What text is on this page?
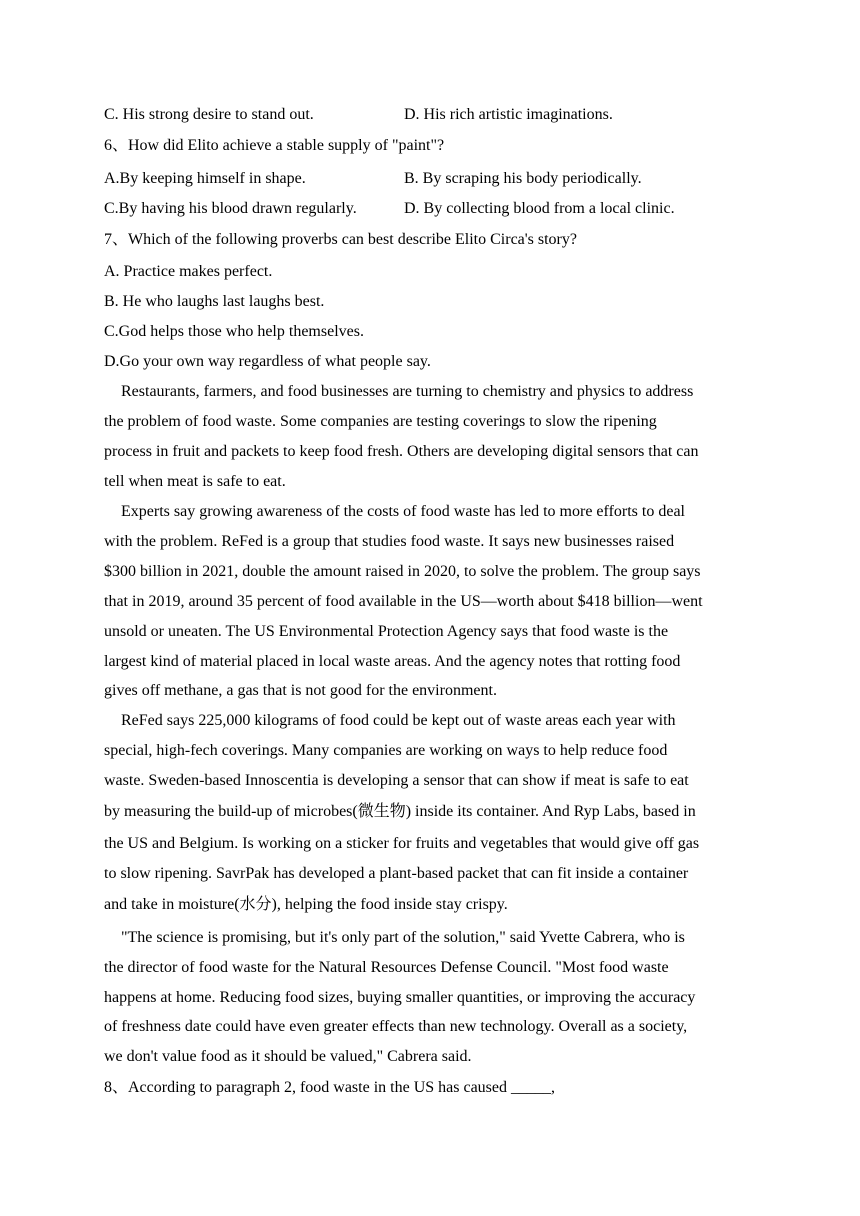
C. His strong desire to stand out.	D. His rich artistic imaginations.
6、How did Elito achieve a stable supply of "paint"?
A.By keeping himself in shape.	B. By scraping his body periodically.
C.By having his blood drawn regularly.	D. By collecting blood from a local clinic.
7、Which of the following proverbs can best describe Elito Circa's story?
A. Practice makes perfect.
B. He who laughs last laughs best.
C.God helps those who help themselves.
D.Go your own way regardless of what people say.
Restaurants, farmers, and food businesses are turning to chemistry and physics to address
the problem of food waste. Some companies are testing coverings to slow the ripening
process in fruit and packets to keep food fresh. Others are developing digital sensors that can
tell when meat is safe to eat.
Experts say growing awareness of the costs of food waste has led to more efforts to deal
with the problem. ReFed is a group that studies food waste. It says new businesses raised
$300 billion in 2021, double the amount raised in 2020, to solve the problem. The group says
that in 2019, around 35 percent of food available in the US—worth about $418 billion—went
unsold or uneaten. The US Environmental Protection Agency says that food waste is the
largest kind of material placed in local waste areas. And the agency notes that rotting food
gives off methane, a gas that is not good for the environment.
ReFed says 225,000 kilograms of food could be kept out of waste areas each year with
special, high-fech coverings. Many companies are working on ways to help reduce food
waste. Sweden-based Innoscentia is developing a sensor that can show if meat is safe to eat
by measuring the build-up of microbes(微生物) inside its container. And Ryp Labs, based in
the US and Belgium. Is working on a sticker for fruits and vegetables that would give off gas
to slow ripening. SavrPak has developed a plant-based packet that can fit inside a container
and take in moisture(水分), helping the food inside stay crispy.
"The science is promising, but it's only part of the solution," said Yvette Cabrera, who is
the director of food waste for the Natural Resources Defense Council. "Most food waste
happens at home. Reducing food sizes, buying smaller quantities, or improving the accuracy
of freshness date could have even greater effects than new technology. Overall as a society,
we don't value food as it should be valued," Cabrera said.
8、According to paragraph 2, food waste in the US has caused _____,
